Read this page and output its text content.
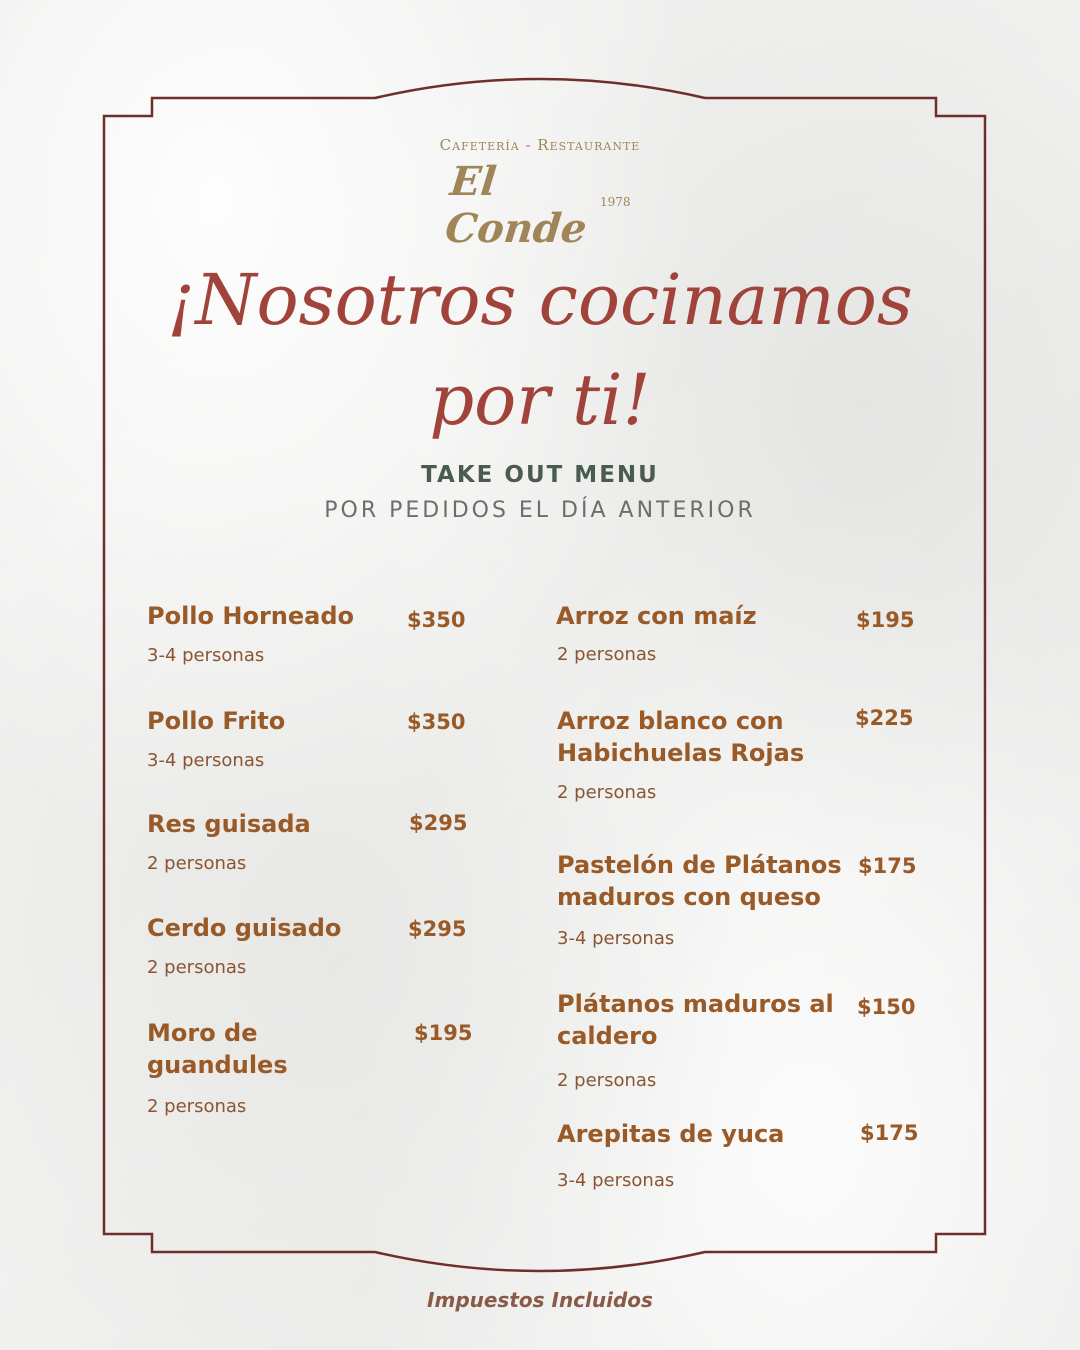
Cafetería - Restaurante
El Conde
1978
¡Nosotros cocinamos
por ti!
TAKE OUT MENU
POR PEDIDOS EL DÍA ANTERIOR
Pollo Horneado	$350
3-4 personas
Pollo Frito	$350
3-4 personas
Res guisada	$295
2 personas
Cerdo guisado	$295
2 personas
Moro de
guandules
$195
2 personas
Arroz con maíz	$195
2 personas
Arroz blanco con
Habichuelas Rojas
$225
2 personas
Pastelón de Plátanos
maduros con queso
$175
3-4 personas
Plátanos maduros al
caldero
$150
2 personas
Arepitas de yuca	$175
3-4 personas
Impuestos Incluidos
